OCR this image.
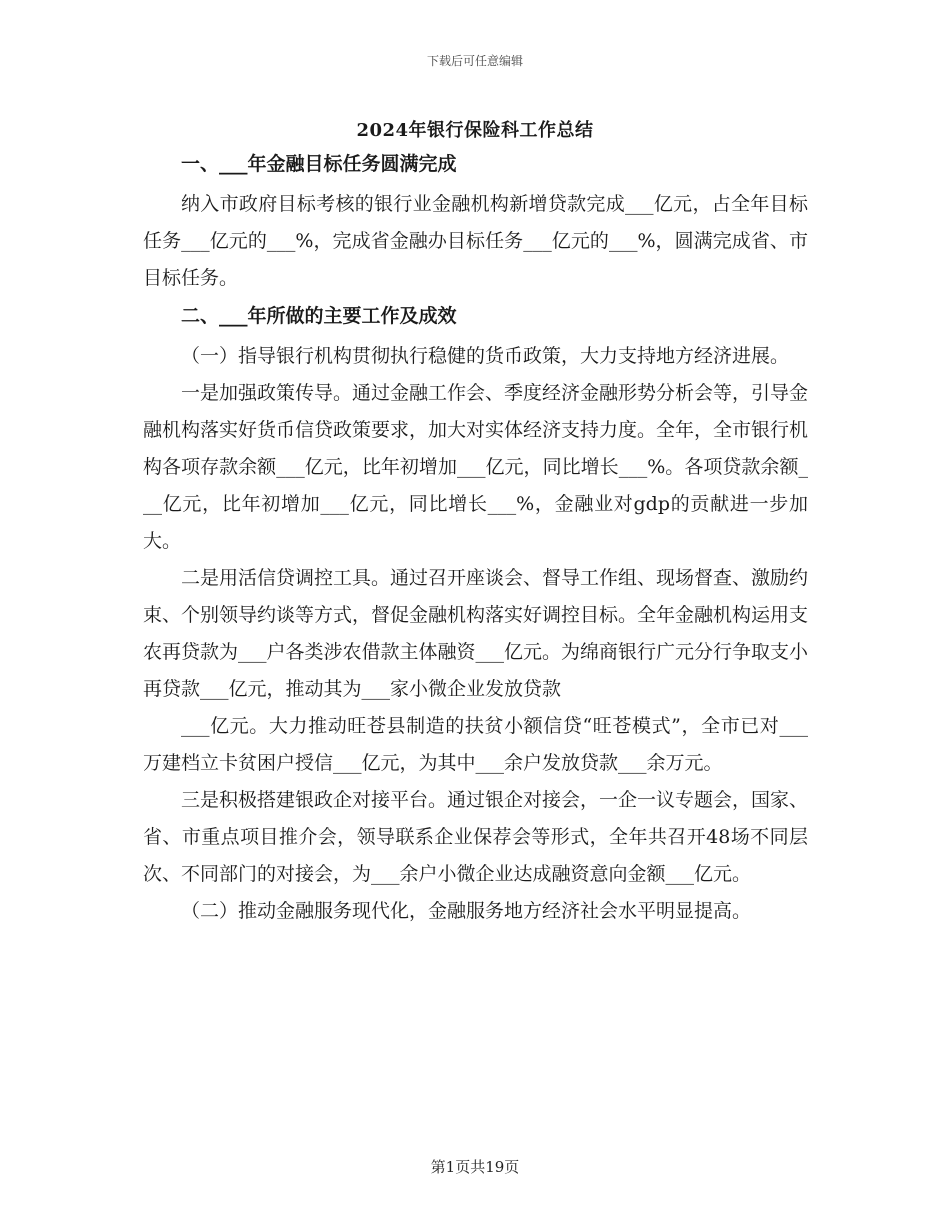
下载后可任意编辑
2024年银行保险科工作总结

一、___年金融目标任务圆满完成

纳入市政府目标考核的银行业金融机构新增贷款完成___亿元，占全年目标任务___亿元的___%，完成省金融办目标任务___亿元的___%，圆满完成省、市目标任务。

二、___年所做的主要工作及成效

（一）指导银行机构贯彻执行稳健的货币政策，大力支持地方经济进展。

一是加强政策传导。通过金融工作会、季度经济金融形势分析会等，引导金融机构落实好货币信贷政策要求，加大对实体经济支持力度。全年，全市银行机构各项存款余额___亿元，比年初增加___亿元，同比增长___%。各项贷款余额___亿元，比年初增加___亿元，同比增长___%，金融业对gdp的贡献进一步加大。

二是用活信贷调控工具。通过召开座谈会、督导工作组、现场督查、激励约束、个别领导约谈等方式，督促金融机构落实好调控目标。全年金融机构运用支农再贷款为___户各类涉农借款主体融资___亿元。为绵商银行广元分行争取支小再贷款___亿元，推动其为___家小微企业发放贷款

___亿元。大力推动旺苍县制造的扶贫小额信贷“旺苍模式”，全市已对___万建档立卡贫困户授信___亿元，为其中___余户发放贷款___余万元。

三是积极搭建银政企对接平台。通过银企对接会，一企一议专题会，国家、省、市重点项目推介会，领导联系企业保荐会等形式，全年共召开48场不同层次、不同部门的对接会，为___余户小微企业达成融资意向金额___亿元。

（二）推动金融服务现代化，金融服务地方经济社会水平明显提高。

第1页共19页
